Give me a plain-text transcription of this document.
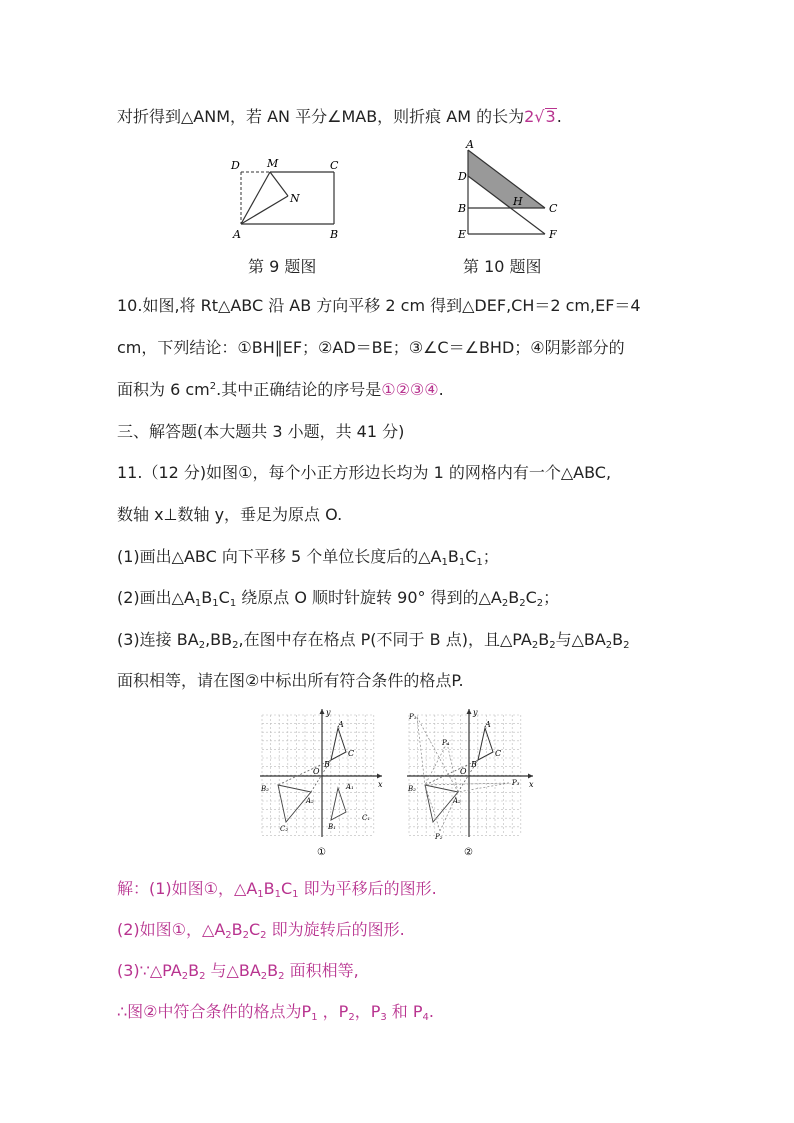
对折得到△ANM，若 AN 平分∠MAB，则折痕 AM 的长为2√3.
D M	C
N
A	B
第 9 题图
A
D
B
E
H
C
F
第 10 题图
10.如图,将 Rt△ABC 沿 AB 方向平移 2 cm 得到△DEF,CH＝2 cm,EF＝4
cm，下列结论：①BH∥EF；②AD＝BE；③∠C＝∠BHD；④阴影部分的
面积为 6 $cm^2$.其中正确结论的序号是①②③④.
三、解答题(本大题共 3 小题，共 41 分)
11.（12 分)如图①，每个小正方形边长均为 1 的网格内有一个△ABC,
数轴 x⊥数轴 y，垂足为原点 O.
(1)画出△ABC 向下平移 5 个单位长度后的$\triangle A_1B_1C_1$；
(2)画出$\triangle A_1B_1C_1$ 绕原点 O 顺时针旋转 90° 得到的$\triangle A_2B_2C_2$；
(3)连接 $BA_2,BB_2$,在图中存在格点 P(不同于 B 点)，且$\triangle PA_2B_2$与$\triangle BA_2B_2$
面积相等，请在图②中标出所有符合条件的格点P.
x
y
O
A
B
C
A₁
B₁
C₁
A₂
B₂
C₂
①
x
y
O
A
B
C
A₂
B₂
P₁
P₂
P₃
P₄
②
解：(1)如图①，$\triangle A_1B_1C_1$ 即为平移后的图形.
(2)如图①，$\triangle A_2B_2C_2$ 即为旋转后的图形.
$(3)\because\triangle PA_2B_2$ 与$\triangle BA_2B_2$ 面积相等,
∴图②中符合条件的格点为$P_1$ ，$P_2$，$P_3$ 和 $P_4$.
